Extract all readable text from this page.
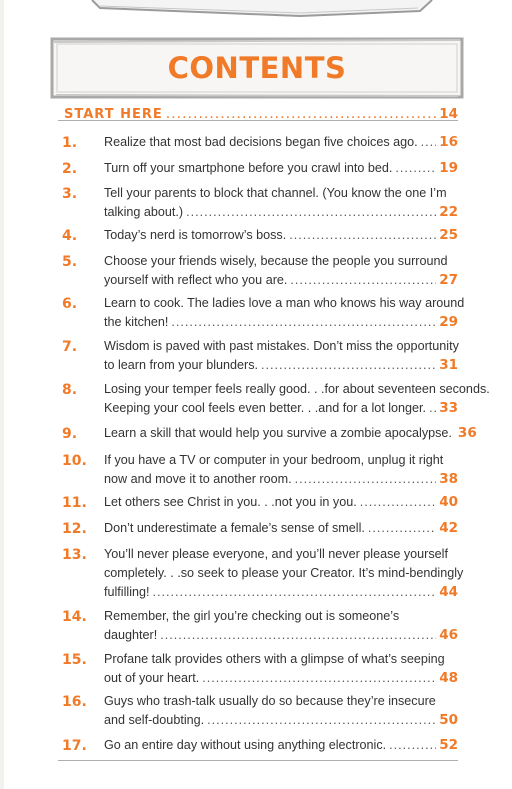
CONTENTS
START HERE .....	14
1. Realize that most bad decisions began five choices ago. ..... 16
2. Turn off your smartphone before you crawl into bed. .....	19
3. Tell your parents to block that channel. (You know the one I’m
talking about.) .....	22
4. Today’s nerd is tomorrow’s boss. .....	25
5. Choose your friends wisely, because the people you surround
yourself with reflect who you are. .....	27
6. Learn to cook. The ladies love a man who knows his way around
the kitchen! .....	29
7. Wisdom is paved with past mistakes. Don’t miss the opportunity
to learn from your blunders. .....	31
8. Losing your temper feels really good. . .for about seventeen seconds.
Keeping your cool feels even better. . .and for a lot longer. ..... 33
9. Learn a skill that would help you survive a zombie apocalypse. 36
10. If you have a TV or computer in your bedroom, unplug it right
now and move it to another room. .....	38
11. Let others see Christ in you. . .not you in you. .....	40
12. Don’t underestimate a female’s sense of smell. .....	42
13. You’ll never please everyone, and you’ll never please yourself
completely. . .so seek to please your Creator. It’s mind-bendingly
fulfilling! .....	44
14. Remember, the girl you’re checking out is someone’s
daughter! .....	46
15. Profane talk provides others with a glimpse of what’s seeping
out of your heart. .....	48
16. Guys who trash-talk usually do so because they’re insecure
and self-doubting. .....	50
17. Go an entire day without using anything electronic. .....	52
